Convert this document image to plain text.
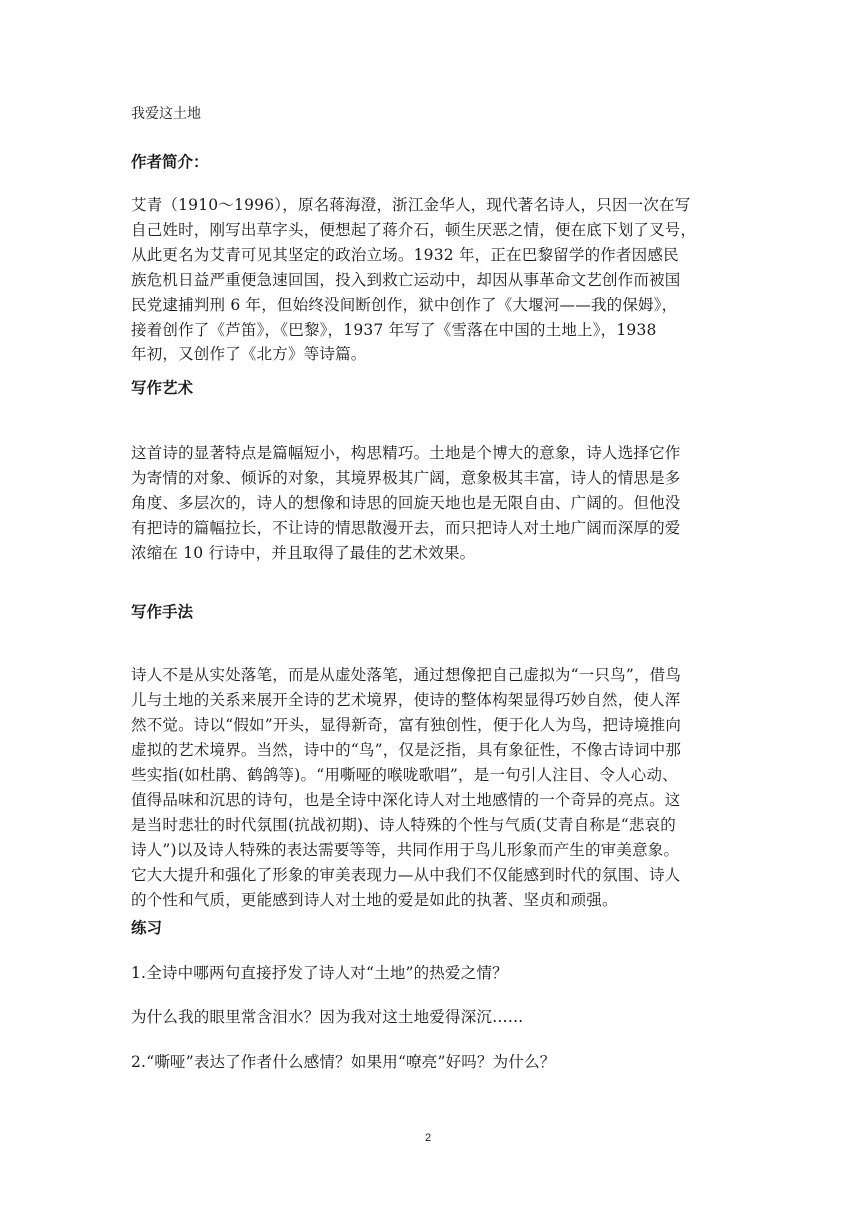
我爱这土地
作者简介：
艾青（1910～1996），原名蒋海澄，浙江金华人，现代著名诗人，只因一次在写
自己姓时，刚写出草字头，便想起了蒋介石，顿生厌恶之情，便在底下划了叉号，
从此更名为艾青可见其坚定的政治立场。1932 年，正在巴黎留学的作者因感民
族危机日益严重便急速回国，投入到救亡运动中，却因从事革命文艺创作而被国
民党逮捕判刑 6 年，但始终没间断创作，狱中创作了《大堰河——我的保姆》，
接着创作了《芦笛》，《巴黎》，1937 年写了《雪落在中国的土地上》，1938
年初，又创作了《北方》等诗篇。
写作艺术
这首诗的显著特点是篇幅短小，构思精巧。土地是个博大的意象，诗人选择它作
为寄情的对象、倾诉的对象，其境界极其广阔，意象极其丰富，诗人的情思是多
角度、多层次的，诗人的想像和诗思的回旋天地也是无限自由、广阔的。但他没
有把诗的篇幅拉长，不让诗的情思散漫开去，而只把诗人对土地广阔而深厚的爱
浓缩在 10 行诗中，并且取得了最佳的艺术效果。
写作手法
诗人不是从实处落笔，而是从虚处落笔，通过想像把自己虚拟为“一只鸟”，借鸟
儿与土地的关系来展开全诗的艺术境界，使诗的整体构架显得巧妙自然，使人浑
然不觉。诗以“假如”开头，显得新奇，富有独创性，便于化人为鸟，把诗境推向
虚拟的艺术境界。当然，诗中的“鸟”，仅是泛指，具有象征性，不像古诗词中那
些实指(如杜鹃、鹤鸽等)。“用嘶哑的喉咙歌唱”，是一句引人注目、令人心动、
值得品味和沉思的诗句，也是全诗中深化诗人对土地感情的一个奇异的亮点。这
是当时悲壮的时代氛围(抗战初期)、诗人特殊的个性与气质(艾青自称是“悲哀的
诗人”)以及诗人特殊的表达需要等等，共同作用于鸟儿形象而产生的审美意象。
它大大提升和强化了形象的审美表现力—从中我们不仅能感到时代的氛围、诗人
的个性和气质，更能感到诗人对土地的爱是如此的执著、坚贞和顽强。
练习
1.全诗中哪两句直接抒发了诗人对“土地”的热爱之情？
为什么我的眼里常含泪水？因为我对这土地爱得深沉……
2.“嘶哑”表达了作者什么感情？如果用“嘹亮”好吗？为什么？
2
